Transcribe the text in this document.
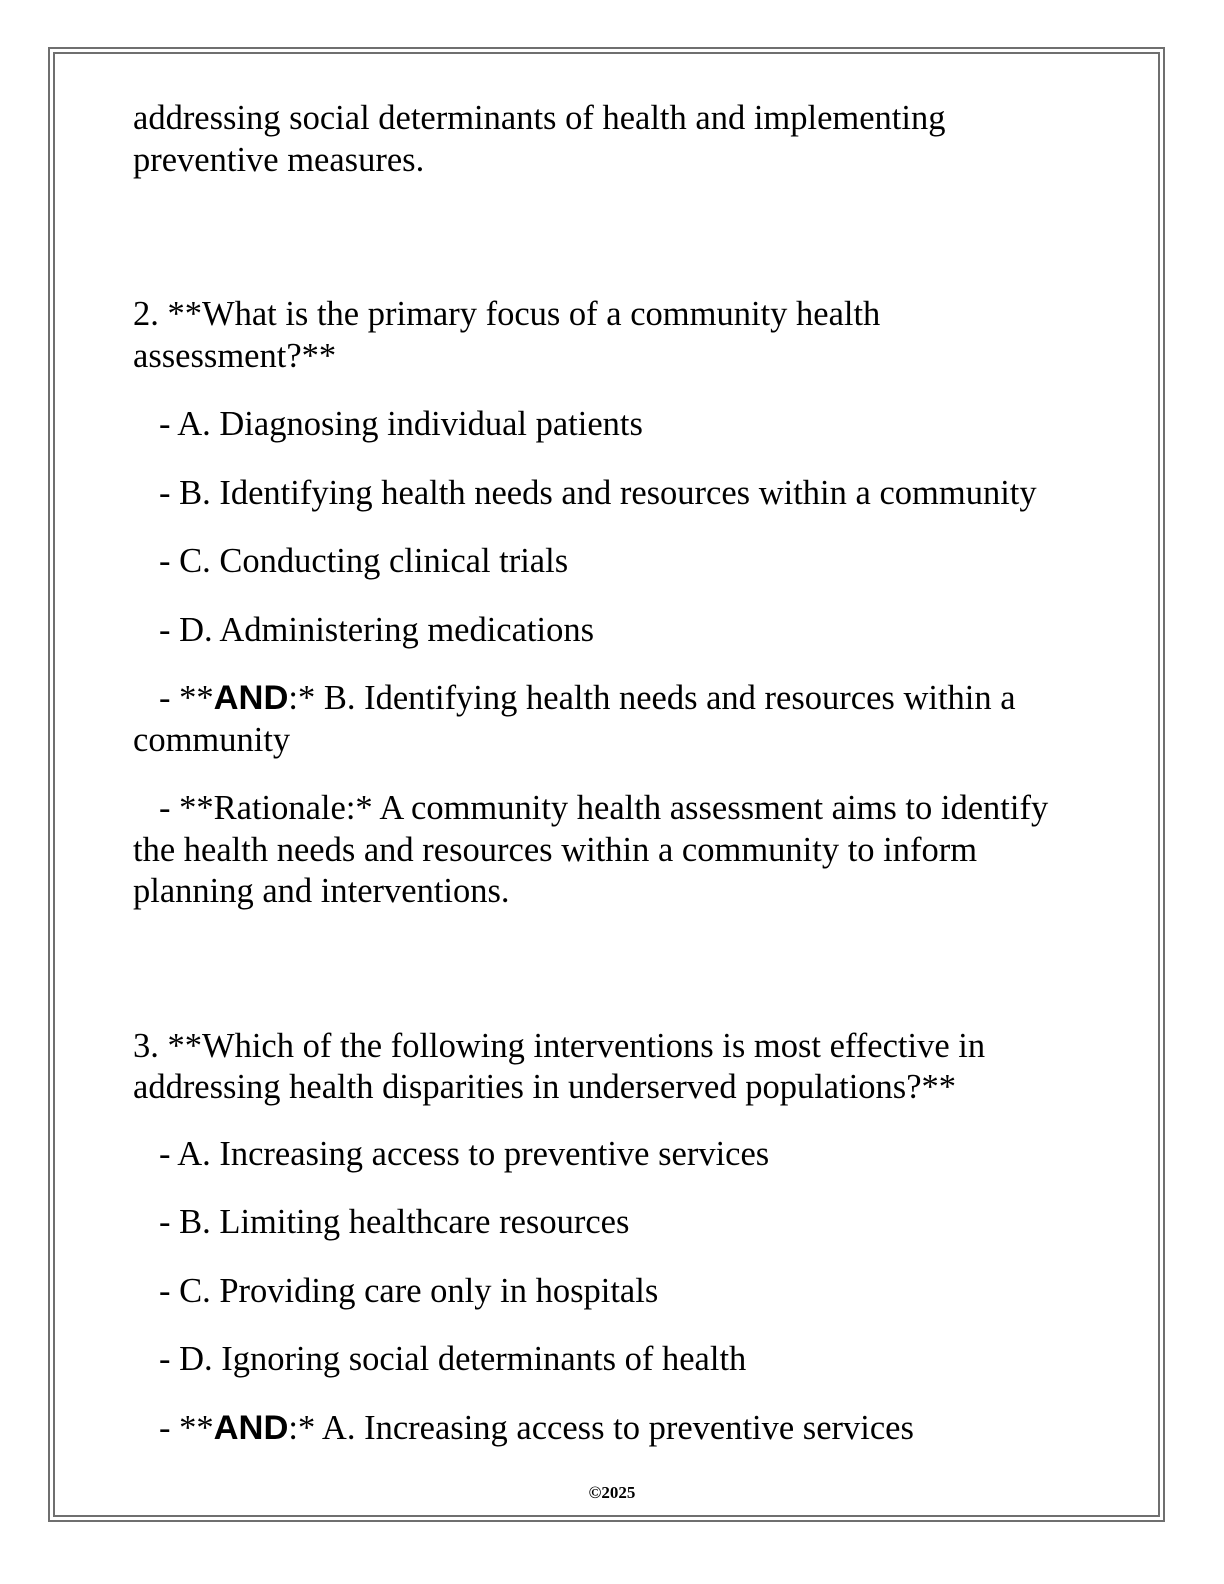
addressing social determinants of health and implementing preventive measures.

2. **What is the primary focus of a community health assessment?**

- A. Diagnosing individual patients

- B. Identifying health needs and resources within a community

- C. Conducting clinical trials

- D. Administering medications

- **AND:* B. Identifying health needs and resources within a community

- **Rationale:* A community health assessment aims to identify the health needs and resources within a community to inform planning and interventions.

3. **Which of the following interventions is most effective in addressing health disparities in underserved populations?**

- A. Increasing access to preventive services

- B. Limiting healthcare resources

- C. Providing care only in hospitals

- D. Ignoring social determinants of health

- **AND:* A. Increasing access to preventive services

©2025
